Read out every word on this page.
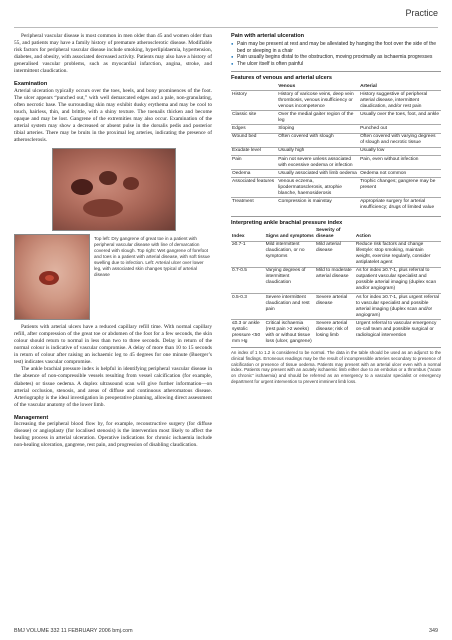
Practice

Peripheral vascular disease is most common in men older than 45 and women older than 55, and patients may have a family history of premature atherosclerotic disease. Modifiable risk factors for peripheral vascular disease include smoking, hyperlipidaemia, hypertension, diabetes, and obesity, with associated decreased activity. Patients may also have a history of generalised vascular problems, such as myocardial infarction, angina, stroke, and intermittent claudication.

Examination

Arterial ulceration typically occurs over the toes, heels, and bony prominences of the foot. The ulcer appears “punched out,” with well demarcated edges and a pale, non-granulating, often necrotic base. The surrounding skin may exhibit dusky erythema and may be cool to touch, hairless, thin, and brittle, with a shiny texture. The toenails thicken and become opaque and may be lost. Gangrene of the extremities may also occur. Examination of the arterial system may show a decreased or absent pulse in the dorsalis pedis and posterior tibial arteries. There may be bruits in the proximal leg arteries, indicating the presence of atherosclerosis.

Top left: Dry gangrene of great toe in a patient with peripheral vascular disease with line of demarcation covered with slough. Top right: Wet gangrene of forefoot and toes in a patient with arterial disease, with soft tissue swelling due to infection. Left: Arterial ulcer over lower leg, with associated skin changes typical of arterial disease

Patients with arterial ulcers have a reduced capillary refill time. With normal capillary refill, after compression of the great toe or abdomen of the foot for a few seconds, the skin colour should return to normal in less than two to three seconds. Delay in return of the normal colour is indicative of vascular compromise. A delay of more than 10 to 15 seconds in return of colour after raising an ischaemic leg to 45 degrees for one minute (Buerger’s test) indicates vascular compromise.

The ankle brachial pressure index is helpful in identifying peripheral vascular disease in the absence of non-compressible vessels resulting from vessel calcification (for example, diabetes) or tissue oedema. A duplex ultrasound scan will give further information—on arterial occlusion, stenosis, and areas of diffuse and continuous atheromatous disease. Arteriography is the ideal investigation in preoperative planning, allowing direct assessment of the vascular anatomy of the lower limb.

Management

Increasing the peripheral blood flow by, for example, reconstructive surgery (for diffuse disease) or angioplasty (for localised stenosis) is the intervention most likely to affect the healing process in arterial ulceration. Operative indications for chronic ischaemia include non-healing ulceration, gangrene, rest pain, and progression of disabling claudication.

Pain with arterial ulceration
● Pain may be present at rest and may be alleviated by hanging the foot over the side of the bed or sleeping in a chair
● Pain usually begins distal to the obstruction, moving proximally as ischaemia progresses
● The ulcer itself is often painful
Features of venous and arterial ulcers
	Venous	Arterial
History	History of varicose veins, deep vein thrombosis, venous insufficiency or venous incompetence	History suggestive of peripheral arterial disease, intermittent claudication, and/or rest pain
Classic site	Over the medial gaiter region of the leg	Usually over the toes, foot, and ankle
Edges	Sloping	Punched out
Wound bed	Often covered with slough	Often covered with varying degrees of slough and necrotic tissue
Exudate level	Usually high	Usually low
Pain	Pain not severe unless associated with excessive oedema or infection	Pain, even without infection
Oedema	Usually associated with limb oedema	Oedema not common
Associated features	Venous eczema, lipodermatosclerosis, atrophie blanche, haemosiderosis	Trophic changes; gangrene may be present
Treatment	Compression is mainstay	Appropriate surgery for arterial insufficiency; drugs of limited value
Interpreting ankle brachial pressure index
Index	Signs and symptoms	Severity of disease	Action
≥0.7-1	Mild intermittent claudication, or no symptoms	Mild arterial disease	Reduce risk factors and change lifestyle: stop smoking, maintain weight, exercise regularly, consider antiplatelet agent
0.7-0.5	Varying degrees of intermittent claudication	Mild to moderate arterial disease	As for index ≥0.7-1, plus referral to outpatient vascular specialist and possible arterial imaging (duplex scan and/or angiogram)
0.5-0.3	Severe intermittent claudication and rest pain	Severe arterial disease	As for index ≥0.7-1, plus urgent referral to vascular specialist and possible arterial imaging (duplex scan and/or angiogram)
≤0.3 or ankle systolic pressure <50 mm Hg	Critical ischaemia (rest pain >2 weeks) with or without tissue loss (ulcer, gangrene)	Severe arterial disease; risk of losing limb	Urgent referral to vascular emergency on-call team and possible surgical or radiological intervention

An index of 1 to 1.2 is considered to be normal. The data in the table should be used as an adjunct to the clinical findings. Erroneous readings may be the result of incompressible arteries secondary to presence of calcification or presence of tissue oedema. Patients may present with an arterial ulcer even with a normal index. Patients may present with an acutely ischaemic limb either due to an embolus or a thrombus (“acute on chronic” ischaemia) and should be referred as an emergency to a vascular specialist or emergency department for urgent intervention to prevent imminent limb loss.

BMJ VOLUME 332 11 FEBRUARY 2006 bmj.com	349
